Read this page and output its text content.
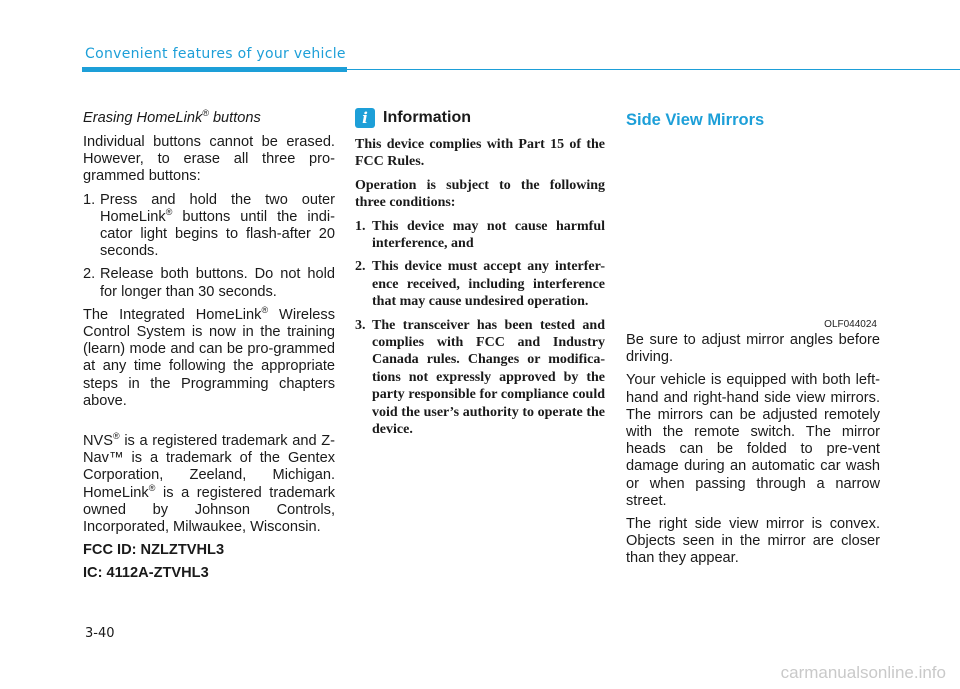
Convenient features of your vehicle
Erasing HomeLink® buttons

Individual buttons cannot be erased. However, to erase all three pro-grammed buttons:

1. Press and hold the two outer HomeLink® buttons until the indi-cator light begins to flash-after 20 seconds.
2. Release both buttons. Do not hold for longer than 30 seconds.

The Integrated HomeLink® Wireless Control System is now in the training (learn) mode and can be pro-grammed at any time following the appropriate steps in the Programming chapters above.

NVS® is a registered trademark and Z-Nav™ is a trademark of the Gentex Corporation, Zeeland, Michigan. HomeLink® is a registered trademark owned by Johnson Controls, Incorporated, Milwaukee, Wisconsin.

FCC ID: NZLZTVHL3

IC: 4112A-ZTVHL3

i Information

This device complies with Part 15 of the FCC Rules.

Operation is subject to the following three conditions:

1. This device may not cause harmful interference, and
2. This device must accept any interfer-ence received, including interference that may cause undesired operation.
3. The transceiver has been tested and complies with FCC and Industry Canada rules. Changes or modifica-tions not expressly approved by the party responsible for compliance could void the user’s authority to operate the device.
Side View Mirrors
OLF044024

Be sure to adjust mirror angles before driving.

Your vehicle is equipped with both left-hand and right-hand side view mirrors. The mirrors can be adjusted remotely with the remote switch. The mirror heads can be folded to pre-vent damage during an automatic car wash or when passing through a narrow street.

The right side view mirror is convex. Objects seen in the mirror are closer than they appear.

3-40
carmanualsonline.info
